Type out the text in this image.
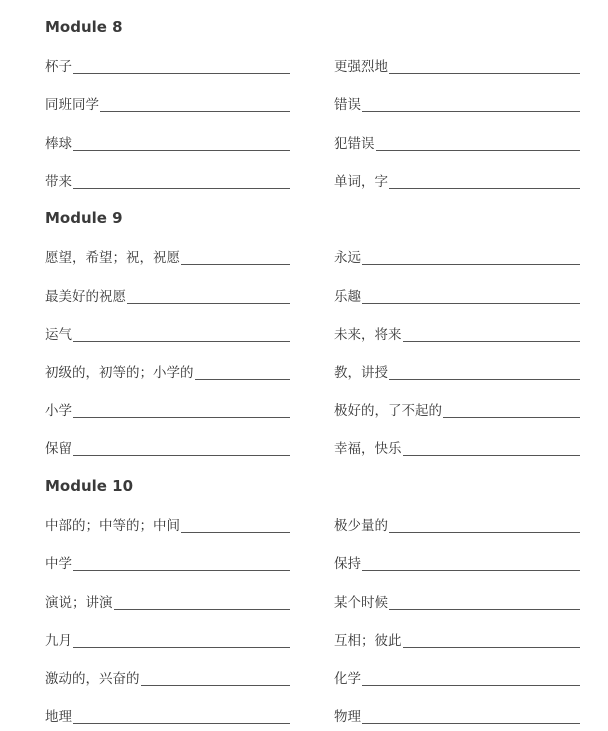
Module 8
杯子	更强烈地
同班同学	错误
棒球	犯错误
带来	单词，字
Module 9
愿望，希望；祝，祝愿	永远
最美好的祝愿	乐趣
运气	未来，将来
初级的，初等的；小学的	教，讲授
小学	极好的，了不起的
保留	幸福，快乐
Module 10
中部的；中等的；中间	极少量的
中学	保持
演说；讲演	某个时候
九月	互相；彼此
激动的，兴奋的	化学
地理	物理
